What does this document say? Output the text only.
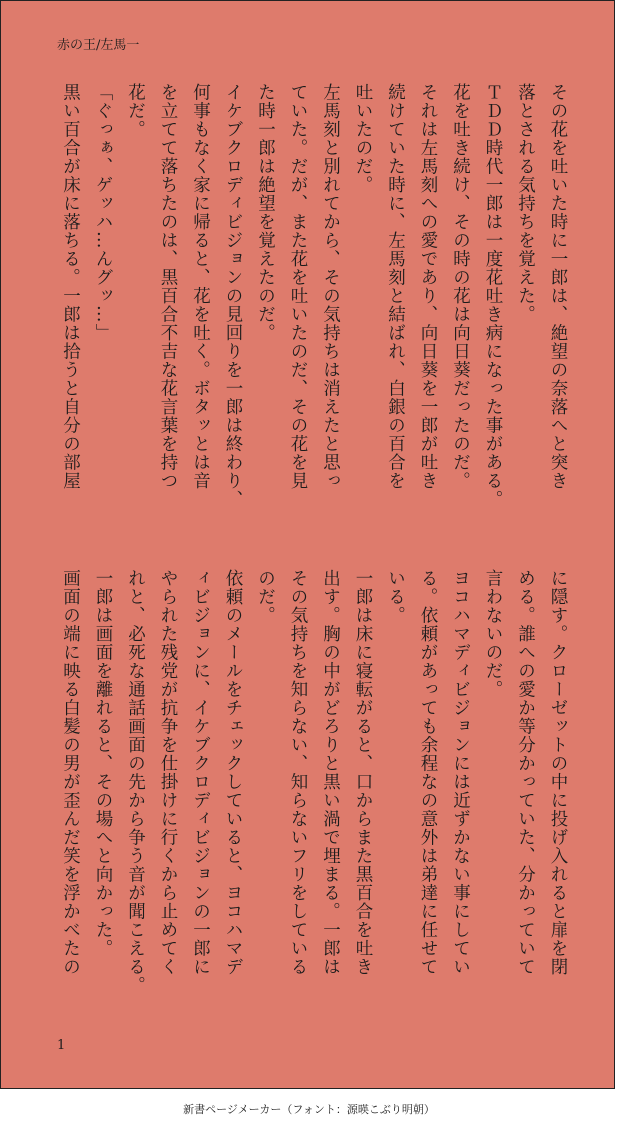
赤の王/左馬一

その花を吐いた時に一郎は、絶望の奈落へと突き

落とされる気持ちを覚えた。

ＴＤＤ時代一郎は一度花吐き病になった事がある。

花を吐き続け、その時の花は向日葵だったのだ。

それは左馬刻への愛であり、向日葵を一郎が吐き

続けていた時に、左馬刻と結ばれ、白銀の百合を

吐いたのだ。

左馬刻と別れてから、その気持ちは消えたと思っ

ていた。だが、また花を吐いたのだ、その花を見

た時一郎は絶望を覚えたのだ。

イケブクロディビジョンの見回りを一郎は終わり、

何事もなく家に帰ると、花を吐く。ボタッとは音

を立てて落ちたのは、黒百合不吉な花言葉を持つ

花だ。

「ぐっぁ、ゲッハ…んグッ…」

黒い百合が床に落ちる。一郎は拾うと自分の部屋

に隠す。クローゼットの中に投げ入れると扉を閉

める。誰への愛か等分かっていた、分かっていて

言わないのだ。

ヨコハマディビジョンには近ずかない事にしてい

る。依頼があっても余程なの意外は弟達に任せて

いる。

一郎は床に寝転がると、口からまた黒百合を吐き

出す。胸の中がどろりと黒い渦で埋まる。一郎は

その気持ちを知らない、知らないフリをしている

のだ。

依頼のメールをチェックしていると、ヨコハマデ

ィビジョンに、イケブクロディビジョンの一郎に

やられた残党が抗争を仕掛けに行くから止めてく

れと、必死な通話画面の先から争う音が聞こえる。

一郎は画面を離れると、その場へと向かった。

画面の端に映る白髪の男が歪んだ笑を浮かべたの

1
新書ページメーカー（フォント：源暎こぶり明朝）
